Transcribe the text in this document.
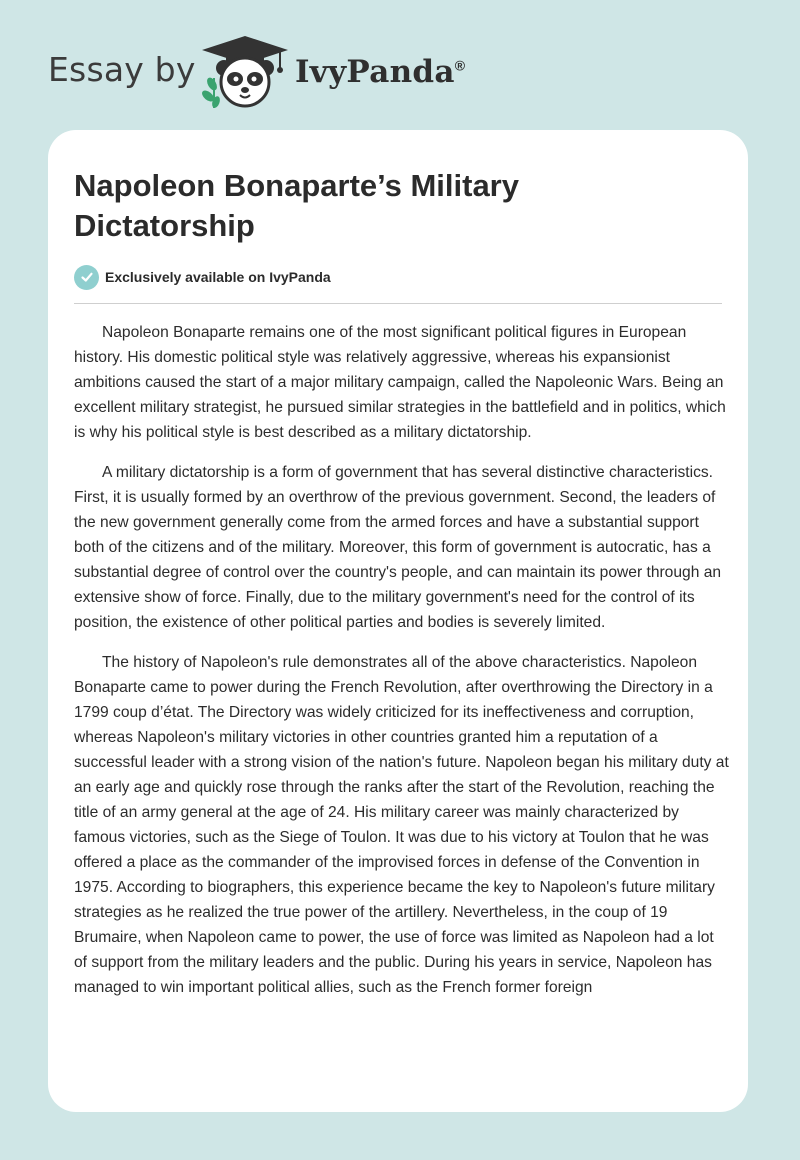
Essay by	IvyPanda®
Napoleon Bonaparte’s Military Dictatorship
Exclusively available on IvyPanda

Napoleon Bonaparte remains one of the most significant political figures in European history. His domestic political style was relatively aggressive, whereas his expansionist ambitions caused the start of a major military campaign, called the Napoleonic Wars. Being an excellent military strategist, he pursued similar strategies in the battlefield and in politics, which is why his political style is best described as a military dictatorship.

A military dictatorship is a form of government that has several distinctive characteristics. First, it is usually formed by an overthrow of the previous government. Second, the leaders of the new government generally come from the armed forces and have a substantial support both of the citizens and of the military. Moreover, this form of government is autocratic, has a substantial degree of control over the country's people, and can maintain its power through an extensive show of force. Finally, due to the military government's need for the control of its position, the existence of other political parties and bodies is severely limited.

The history of Napoleon's rule demonstrates all of the above characteristics. Napoleon Bonaparte came to power during the French Revolution, after overthrowing the Directory in a 1799 coup d’état. The Directory was widely criticized for its ineffectiveness and corruption, whereas Napoleon's military victories in other countries granted him a reputation of a successful leader with a strong vision of the nation's future. Napoleon began his military duty at an early age and quickly rose through the ranks after the start of the Revolution, reaching the title of an army general at the age of 24. His military career was mainly characterized by famous victories, such as the Siege of Toulon. It was due to his victory at Toulon that he was offered a place as the commander of the improvised forces in defense of the Convention in 1975. According to biographers, this experience became the key to Napoleon's future military strategies as he realized the true power of the artillery. Nevertheless, in the coup of 19 Brumaire, when Napoleon came to power, the use of force was limited as Napoleon had a lot of support from the military leaders and the public. During his years in service, Napoleon has managed to win important political allies, such as the French former foreign
